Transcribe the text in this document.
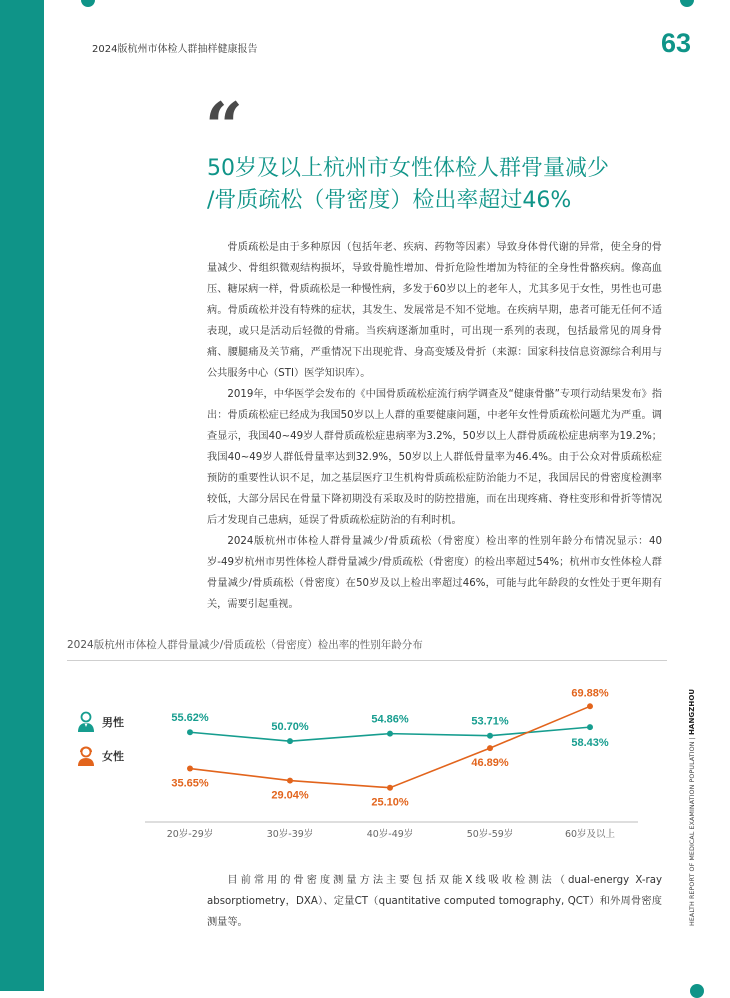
2024版杭州市体检人群抽样健康报告	63
“
50岁及以上杭州市女性体检人群骨量减少
/骨质疏松（骨密度）检出率超过46%

骨质疏松是由于多种原因（包括年老、疾病、药物等因素）导致身体骨代谢的异常，使全身的骨量减少、骨组织微观结构损坏，导致骨脆性增加、骨折危险性增加为特征的全身性骨骼疾病。像高血压、糖尿病一样，骨质疏松是一种慢性病，多发于60岁以上的老年人，尤其多见于女性，男性也可患病。骨质疏松并没有特殊的症状，其发生、发展常是不知不觉地。在疾病早期，患者可能无任何不适表现，或只是活动后轻微的骨痛。当疾病逐渐加重时，可出现一系列的表现，包括最常见的周身骨痛、腰腿痛及关节痛，严重情况下出现驼背、身高变矮及骨折（来源：国家科技信息资源综合利用与公共服务中心（STI）医学知识库）。

2019年，中华医学会发布的《中国骨质疏松症流行病学调查及“健康骨骼”专项行动结果发布》指出：骨质疏松症已经成为我国50岁以上人群的重要健康问题，中老年女性骨质疏松问题尤为严重。调查显示，我国40~49岁人群骨质疏松症患病率为3.2%，50岁以上人群骨质疏松症患病率为19.2%；我国40~49岁人群低骨量率达到32.9%，50岁以上人群低骨量率为46.4%。由于公众对骨质疏松症预防的重要性认识不足，加之基层医疗卫生机构骨质疏松症防治能力不足，我国居民的骨密度检测率较低，大部分居民在骨量下降初期没有采取及时的防控措施，而在出现疼痛、脊柱变形和骨折等情况后才发现自己患病，延误了骨质疏松症防治的有利时机。

2024版杭州市体检人群骨量减少/骨质疏松（骨密度）检出率的性别年龄分布情况显示：40岁-49岁杭州市男性体检人群骨量减少/骨质疏松（骨密度）的检出率超过54%；杭州市女性体检人群骨量减少/骨质疏松（骨密度）在50岁及以上检出率超过46%，可能与此年龄段的女性处于更年期有关，需要引起重视。

2024版杭州市体检人群骨量减少/骨质疏松（骨密度）检出率的性别年龄分布
男性
女性
55.62%
50.70%
54.86%	53.71%
58.43%
35.65%
29.04%
25.10%
46.89%
69.88%
20岁-29岁	30岁-39岁	40岁-49岁	50岁-59岁	60岁及以上	HEALTH REPORT OF MEDICAL EXAMINATION POPULATION | HANGZHOU

目前常用的骨密度测量方法主要包括双能X线吸收检测法（dual-energy X-ray absorptiometry，DXA）、定量CT（quantitative computed tomography, QCT）和外周骨密度测量等。
